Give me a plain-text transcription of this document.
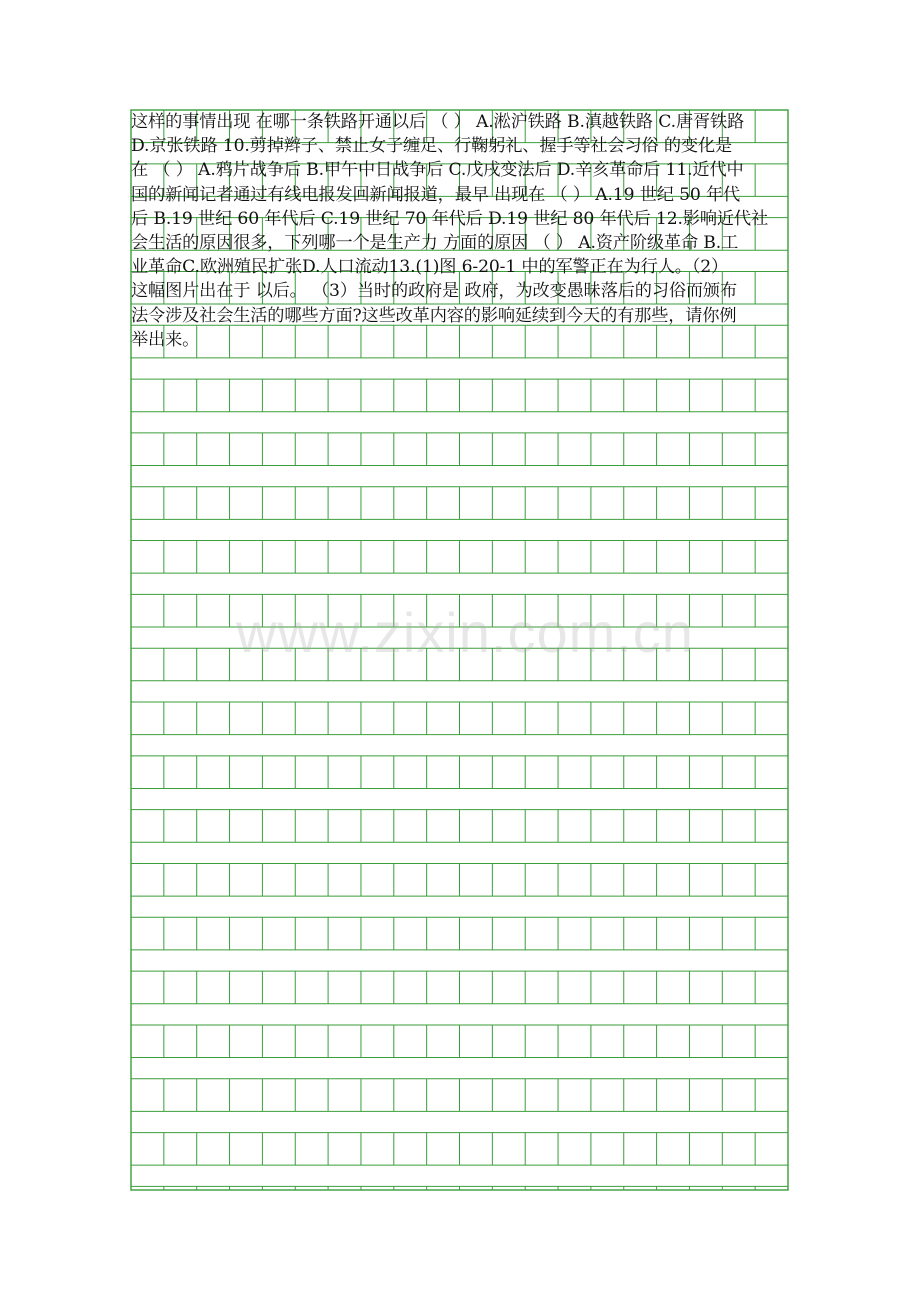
这样的事情出现 在哪一条铁路开通以后 （ ） A.淞沪铁路 B.滇越铁路 C.唐胥铁路
D.京张铁路 10.剪掉辫子、禁止女子缠足、行鞠躬礼、握手等社会习俗 的变化是
在 （ ） A.鸦片战争后 B.甲午中日战争后 C.戊戌变法后 D.辛亥革命后 11.近代中
国的新闻记者通过有线电报发回新闻报道，最早 出现在 （ ） A.19 世纪 50 年代
后 B.19 世纪 60 年代后 C.19 世纪 70 年代后 D.19 世纪 80 年代后 12.影响近代社
会生活的原因很多，下列哪一个是生产力 方面的原因 （ ） A.资产阶级革命 B.工
业革命C.欧洲殖民扩张D.人口流动13.(1)图 6-20-1 中的军警正在为行人。（2）
这幅图片出在于 以后。 （3）当时的政府是 政府，为改变愚昧落后的习俗而颁布
法令涉及社会生活的哪些方面?这些改革内容的影响延续到今天的有那些，请你例
举出来。
www.zixin.com.cn
